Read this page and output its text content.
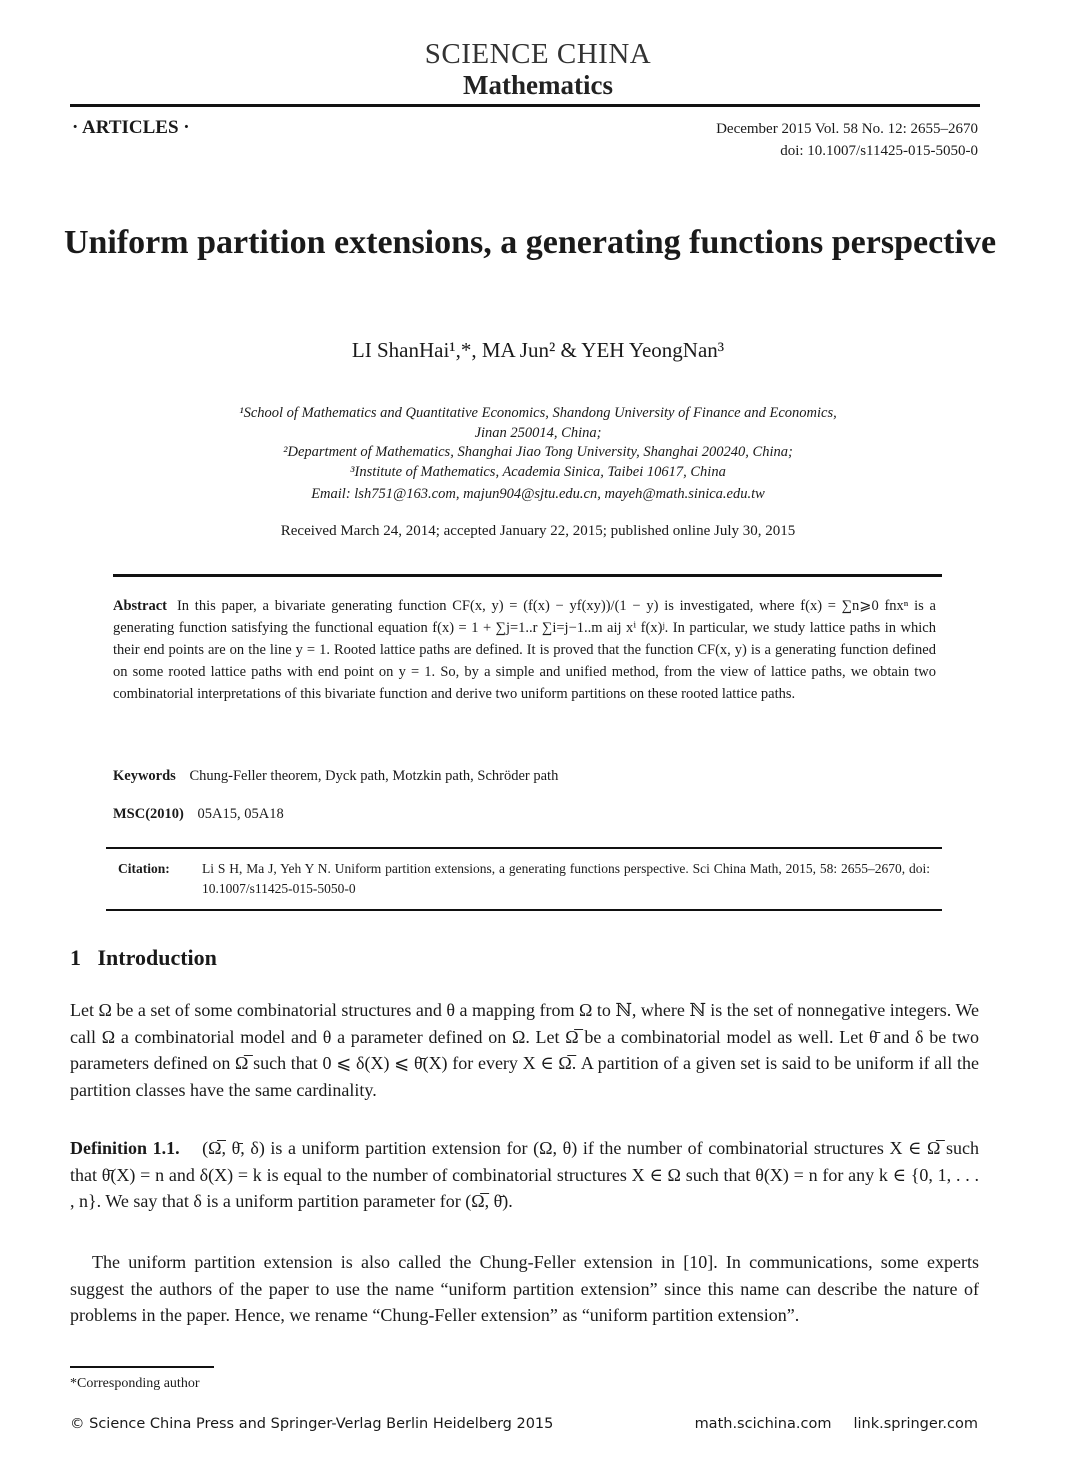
SCIENCE CHINA
Mathematics
· ARTICLES ·	December 2015 Vol. 58 No. 12: 2655–2670
doi: 10.1007/s11425-015-5050-0
Uniform partition extensions, a generating functions perspective
LI ShanHai¹,*, MA Jun² & YEH YeongNan³
¹School of Mathematics and Quantitative Economics, Shandong University of Finance and Economics,
Jinan 250014, China;
²Department of Mathematics, Shanghai Jiao Tong University, Shanghai 200240, China;
³Institute of Mathematics, Academia Sinica, Taibei 10617, China
Email: lsh751@163.com, majun904@sjtu.edu.cn, mayeh@math.sinica.edu.tw
Received March 24, 2014; accepted January 22, 2015; published online July 30, 2015
Abstract In this paper, a bivariate generating function CF(x, y) = (f(x) − yf(xy))/(1 − y) is investigated, where f(x) = ∑n⩾0 fnxⁿ is a generating function satisfying the functional equation f(x) = 1 + ∑j=1..r ∑i=j−1..m aij xⁱ f(x)ʲ. In particular, we study lattice paths in which their end points are on the line y = 1. Rooted lattice paths are defined. It is proved that the function CF(x, y) is a generating function defined on some rooted lattice paths with end point on y = 1. So, by a simple and unified method, from the view of lattice paths, we obtain two combinatorial interpretations of this bivariate function and derive two uniform partitions on these rooted lattice paths.
Keywords Chung-Feller theorem, Dyck path, Motzkin path, Schröder path
MSC(2010) 05A15, 05A18
Citation:	Li S H, Ma J, Yeh Y N. Uniform partition extensions, a generating functions perspective. Sci China Math, 2015, 58: 2655–2670, doi: 10.1007/s11425-015-5050-0
1 Introduction
Let Ω be a set of some combinatorial structures and θ a mapping from Ω to ℕ, where ℕ is the set of nonnegative integers. We call Ω a combinatorial model and θ a parameter defined on Ω. Let Ω̅ be a combinatorial model as well. Let θ̄ and δ be two parameters defined on Ω̅ such that 0 ⩽ δ(X) ⩽ θ̄(X) for every X ∈ Ω̅. A partition of a given set is said to be uniform if all the partition classes have the same cardinality.
Definition 1.1. (Ω̅, θ̄, δ) is a uniform partition extension for (Ω, θ) if the number of combinatorial structures X ∈ Ω̅ such that θ̄(X) = n and δ(X) = k is equal to the number of combinatorial structures X ∈ Ω such that θ(X) = n for any k ∈ {0, 1, . . . , n}. We say that δ is a uniform partition parameter for (Ω̅, θ̄).
The uniform partition extension is also called the Chung-Feller extension in [10]. In communications, some experts suggest the authors of the paper to use the name “uniform partition extension” since this name can describe the nature of problems in the paper. Hence, we rename “Chung-Feller extension” as “uniform partition extension”.
*Corresponding author
© Science China Press and Springer-Verlag Berlin Heidelberg 2015	math.scichina.com link.springer.com
